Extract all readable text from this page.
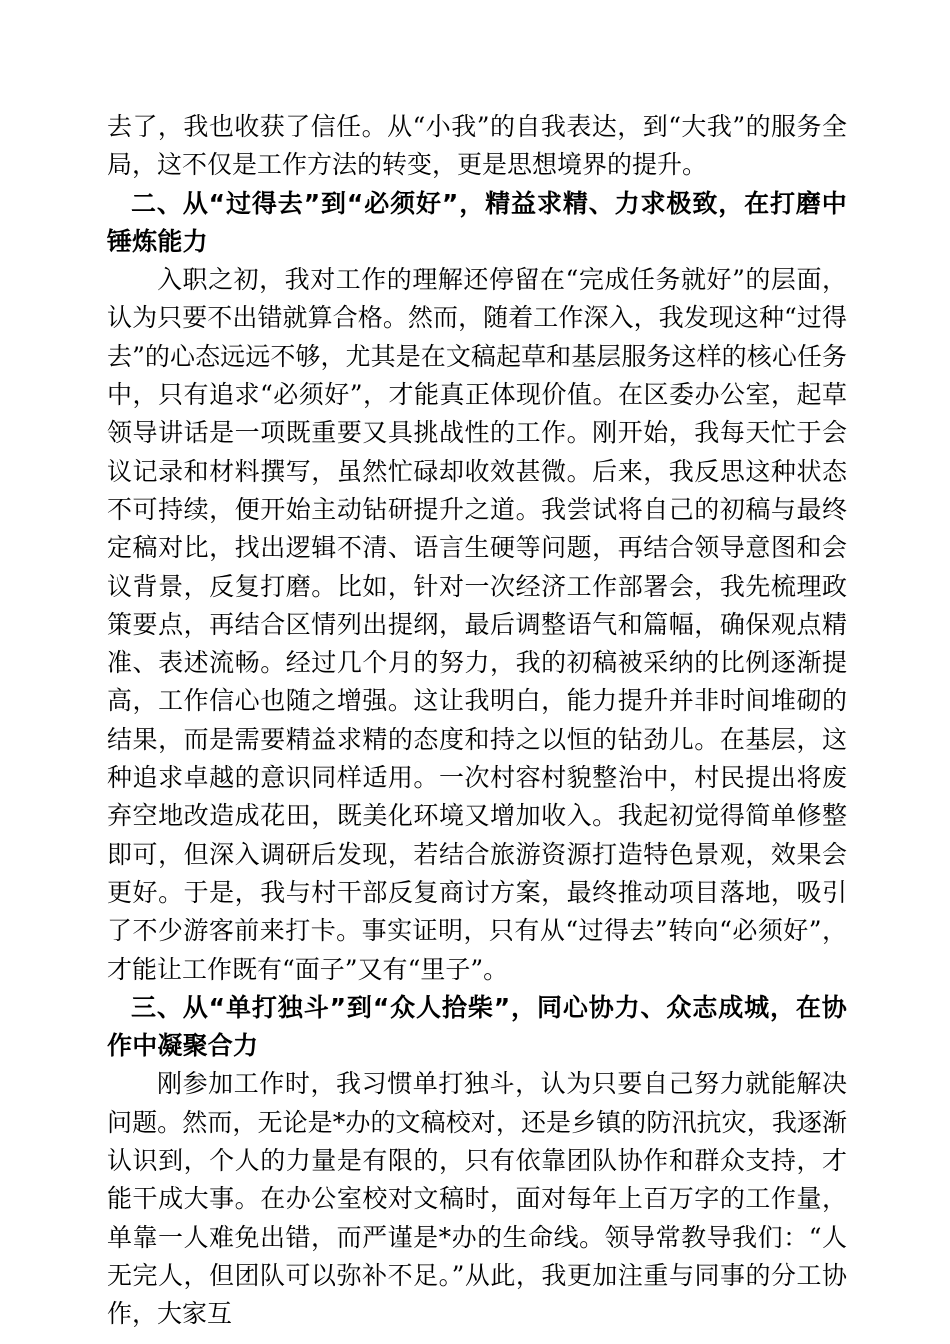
去了，我也收获了信任。从“小我”的自我表达，到“大我”的服务全局，这不仅是工作方法的转变，更是思想境界的提升。

二、从“过得去”到“必须好”，精益求精、力求极致，在打磨中锤炼能力

入职之初，我对工作的理解还停留在“完成任务就好”的层面，认为只要不出错就算合格。然而，随着工作深入，我发现这种“过得去”的心态远远不够，尤其是在文稿起草和基层服务这样的核心任务中，只有追求“必须好”，才能真正体现价值。在区委办公室，起草领导讲话是一项既重要又具挑战性的工作。刚开始，我每天忙于会议记录和材料撰写，虽然忙碌却收效甚微。后来，我反思这种状态不可持续，便开始主动钻研提升之道。我尝试将自己的初稿与最终定稿对比，找出逻辑不清、语言生硬等问题，再结合领导意图和会议背景，反复打磨。比如，针对一次经济工作部署会，我先梳理政策要点，再结合区情列出提纲，最后调整语气和篇幅，确保观点精准、表述流畅。经过几个月的努力，我的初稿被采纳的比例逐渐提高，工作信心也随之增强。这让我明白，能力提升并非时间堆砌的结果，而是需要精益求精的态度和持之以恒的钻劲儿。在基层，这种追求卓越的意识同样适用。一次村容村貌整治中，村民提出将废弃空地改造成花田，既美化环境又增加收入。我起初觉得简单修整即可，但深入调研后发现，若结合旅游资源打造特色景观，效果会更好。于是，我与村干部反复商讨方案，最终推动项目落地，吸引了不少游客前来打卡。事实证明，只有从“过得去”转向“必须好”，才能让工作既有“面子”又有“里子”。

三、从“单打独斗”到“众人拾柴”，同心协力、众志成城，在协作中凝聚合力

刚参加工作时，我习惯单打独斗，认为只要自己努力就能解决问题。然而，无论是*办的文稿校对，还是乡镇的防汛抗灾，我逐渐认识到，个人的力量是有限的，只有依靠团队协作和群众支持，才能干成大事。在办公室校对文稿时，面对每年上百万字的工作量，单靠一人难免出错，而严谨是*办的生命线。领导常教导我们：“人无完人，但团队可以弥补不足。”从此，我更加注重与同事的分工协作，大家互
